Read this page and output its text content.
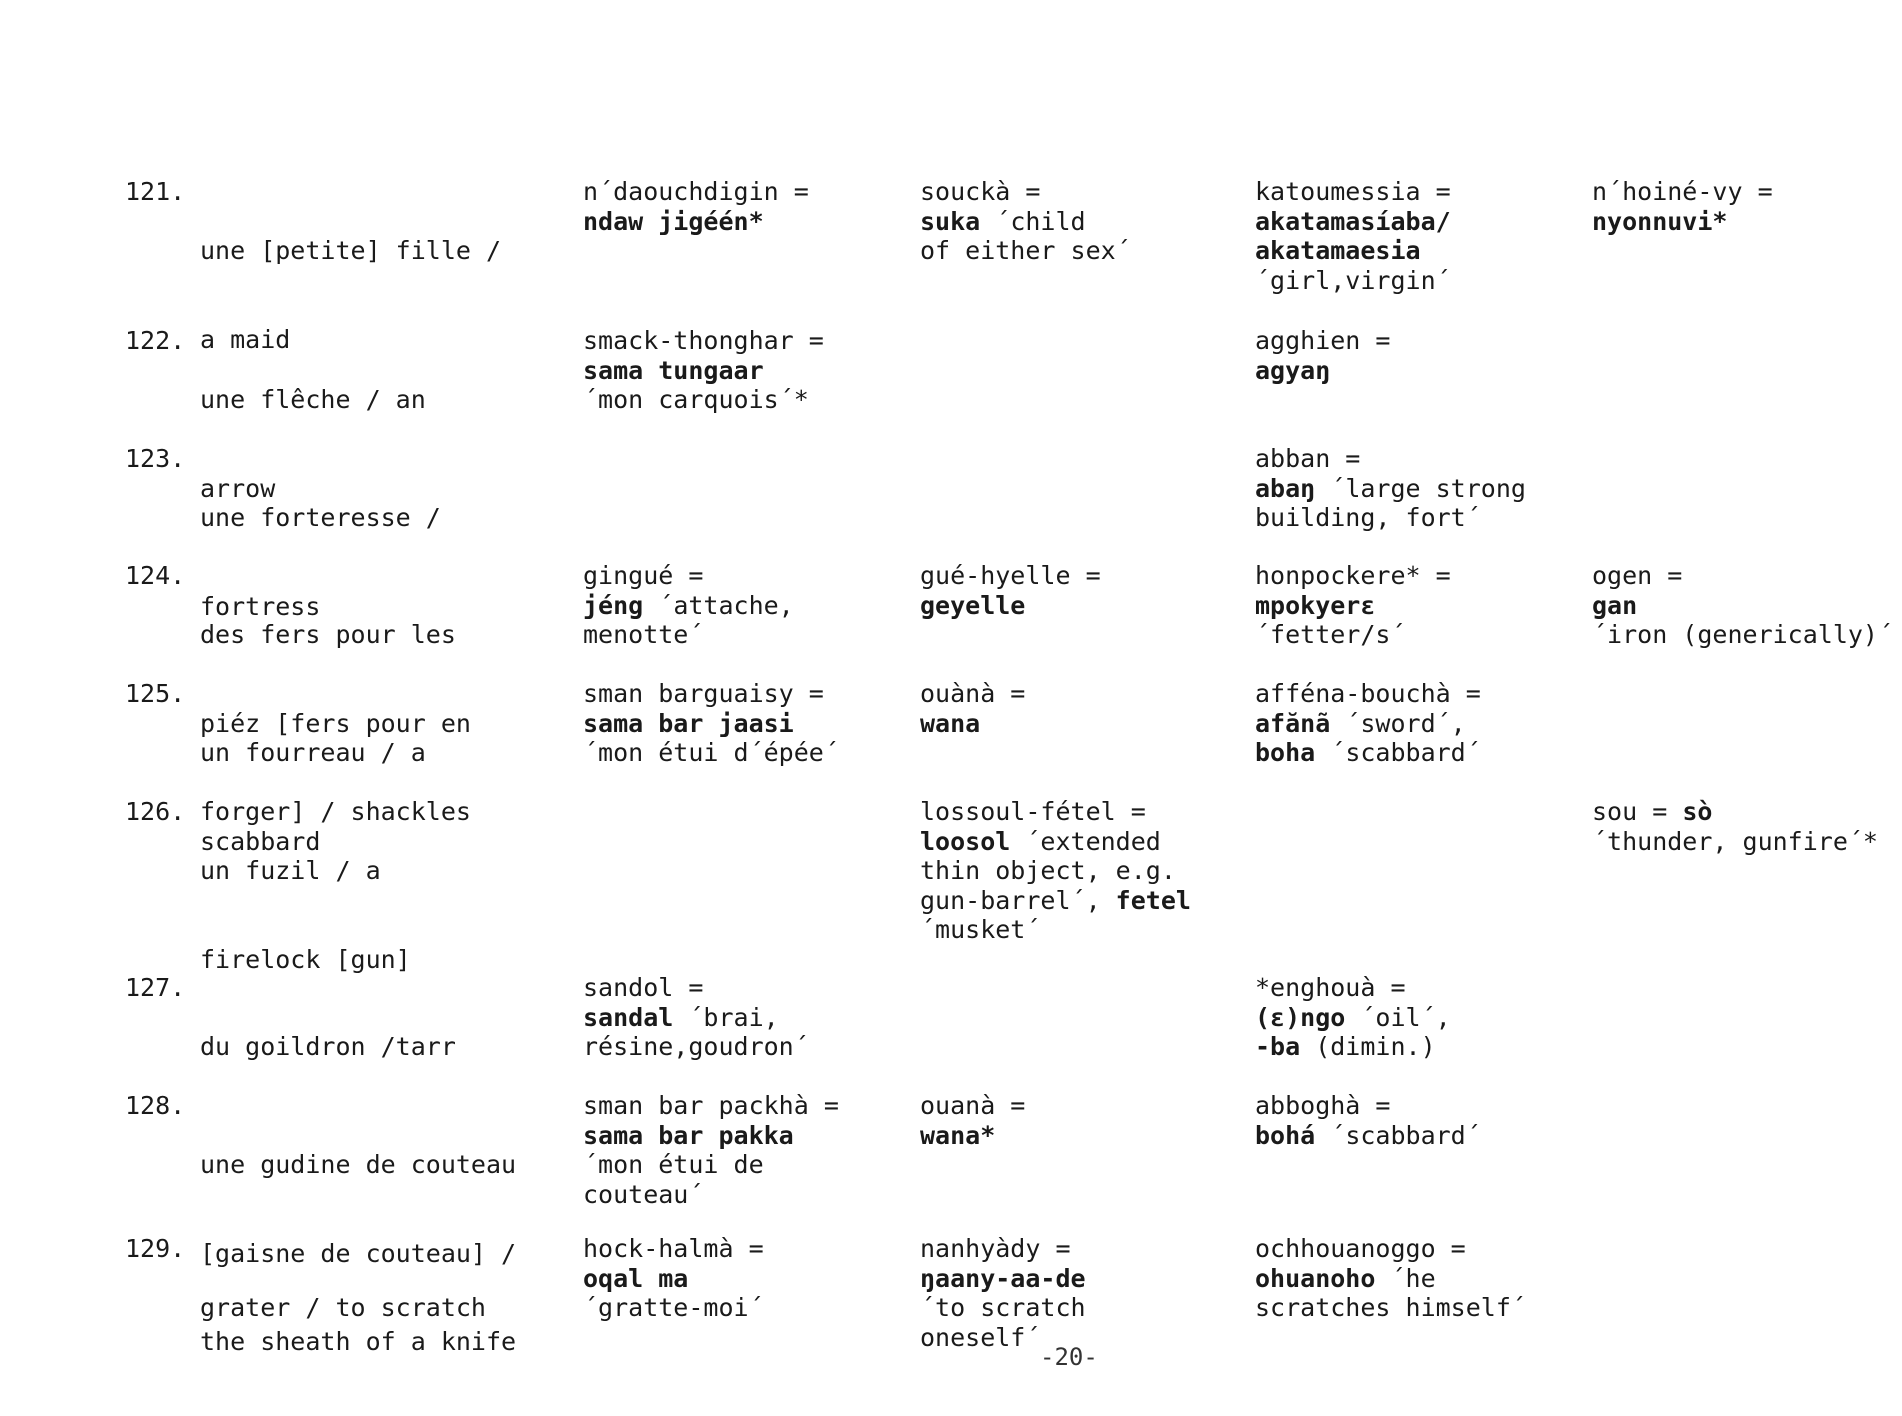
121.

une [petite] fille /

a maid

n´daouchdigin =
ndaw jigéén*
souckà =
suka ´child
of either sex´
katoumessia =
akatamasíaba/
akatamaesia
´girl,virgin´
n´hoiné-vy =
nyonnuvi*
122.

une flêche / an

arrow

smack-thonghar =
sama tungaar
´mon carquois´*
agghien =
agyaŋ
123.

une forteresse /

fortress

abban =
abaŋ ´large strong
building, fort´
124.

des fers pour les

piéz [fers pour en

forger] / shackles

gingué =
jéng ´attache,
menotte´
gué-hyelle =
geyelle
honpockere* =
mpokyerɛ
´fetter/s´
ogen =
gan
´iron (generically)´
125.

un fourreau / a

scabbard

sman barguaisy =
sama bar jaasi
´mon étui d´épée´
ouànà =
wana
afféna-bouchà =
afănã ´sword´,
boha ´scabbard´
126.

un fuzil / a

firelock [gun]

lossoul-fétel =
loosol ´extended
thin object, e.g.
gun-barrel´, fetel
´musket´
sou = sò
´thunder, gunfire´*
127.

du goildron /tarr

sandol =
sandal ´brai,
résine,goudron´
*enghouà =
(ɛ)ngo ´oil´,
-ba (dimin.)
128.

une gudine de couteau

[gaisne de couteau] /

the sheath of a knife

sman bar packhà =
sama bar pakka
´mon étui de
couteau´
ouanà =
wana*
abboghà =
bohá ´scabbard´
129.

grater / to scratch

hock-halmà =
oqal ma
´gratte-moi´
nanhyàdy =
ŋaany-aa-de
´to scratch
oneself´
ochhouanoggo =
ohuanoho ´he
scratches himself´
-20-
